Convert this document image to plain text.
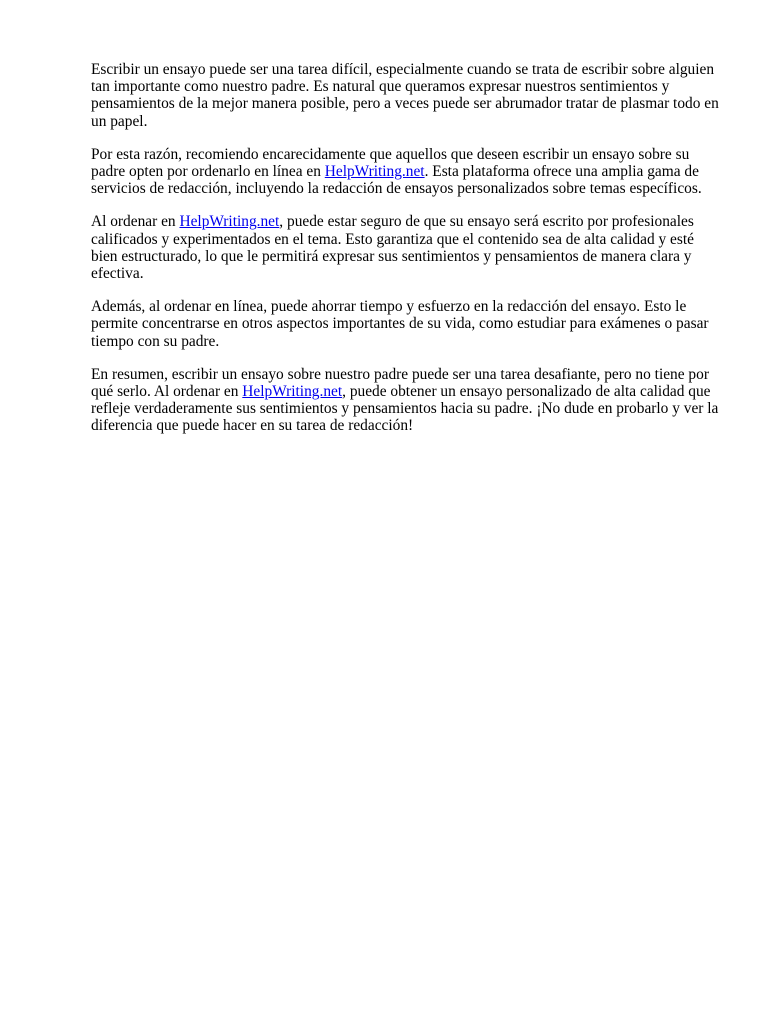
Escribir un ensayo puede ser una tarea difícil, especialmente cuando se trata de escribir sobre alguien tan importante como nuestro padre. Es natural que queramos expresar nuestros sentimientos y pensamientos de la mejor manera posible, pero a veces puede ser abrumador tratar de plasmar todo en un papel.

Por esta razón, recomiendo encarecidamente que aquellos que deseen escribir un ensayo sobre su padre opten por ordenarlo en línea en HelpWriting.net. Esta plataforma ofrece una amplia gama de servicios de redacción, incluyendo la redacción de ensayos personalizados sobre temas específicos.

Al ordenar en HelpWriting.net, puede estar seguro de que su ensayo será escrito por profesionales calificados y experimentados en el tema. Esto garantiza que el contenido sea de alta calidad y esté bien estructurado, lo que le permitirá expresar sus sentimientos y pensamientos de manera clara y efectiva.

Además, al ordenar en línea, puede ahorrar tiempo y esfuerzo en la redacción del ensayo. Esto le permite concentrarse en otros aspectos importantes de su vida, como estudiar para exámenes o pasar tiempo con su padre.

En resumen, escribir un ensayo sobre nuestro padre puede ser una tarea desafiante, pero no tiene por qué serlo. Al ordenar en HelpWriting.net, puede obtener un ensayo personalizado de alta calidad que refleje verdaderamente sus sentimientos y pensamientos hacia su padre. ¡No dude en probarlo y ver la diferencia que puede hacer en su tarea de redacción!
